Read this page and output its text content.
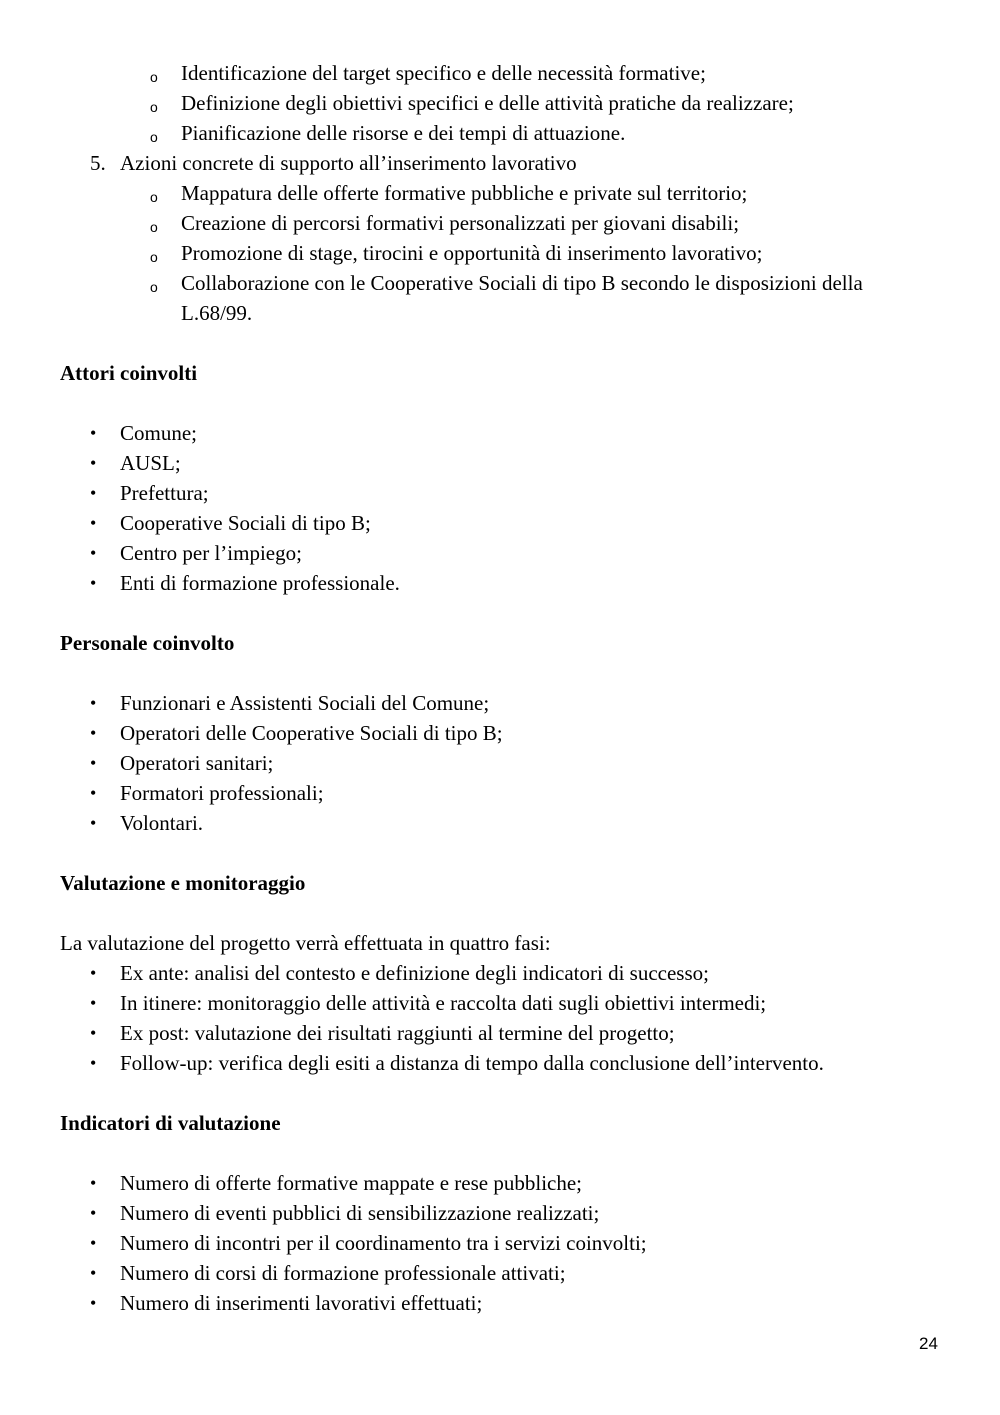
o Identificazione del target specifico e delle necessità formative;
o Definizione degli obiettivi specifici e delle attività pratiche da realizzare;
o Pianificazione delle risorse e dei tempi di attuazione.
5. Azioni concrete di supporto all’inserimento lavorativo
o Mappatura delle offerte formative pubbliche e private sul territorio;
o Creazione di percorsi formativi personalizzati per giovani disabili;
o Promozione di stage, tirocini e opportunità di inserimento lavorativo;
o Collaborazione con le Cooperative Sociali di tipo B secondo le disposizioni della
L.68/99.
Attori coinvolti
• Comune;
• AUSL;
• Prefettura;
• Cooperative Sociali di tipo B;
• Centro per l’impiego;
• Enti di formazione professionale.
Personale coinvolto
• Funzionari e Assistenti Sociali del Comune;
• Operatori delle Cooperative Sociali di tipo B;
• Operatori sanitari;
• Formatori professionali;
• Volontari.
Valutazione e monitoraggio
La valutazione del progetto verrà effettuata in quattro fasi:
• Ex ante: analisi del contesto e definizione degli indicatori di successo;
• In itinere: monitoraggio delle attività e raccolta dati sugli obiettivi intermedi;
• Ex post: valutazione dei risultati raggiunti al termine del progetto;
• Follow-up: verifica degli esiti a distanza di tempo dalla conclusione dell’intervento.
Indicatori di valutazione
• Numero di offerte formative mappate e rese pubbliche;
• Numero di eventi pubblici di sensibilizzazione realizzati;
• Numero di incontri per il coordinamento tra i servizi coinvolti;
• Numero di corsi di formazione professionale attivati;
• Numero di inserimenti lavorativi effettuati;
24
